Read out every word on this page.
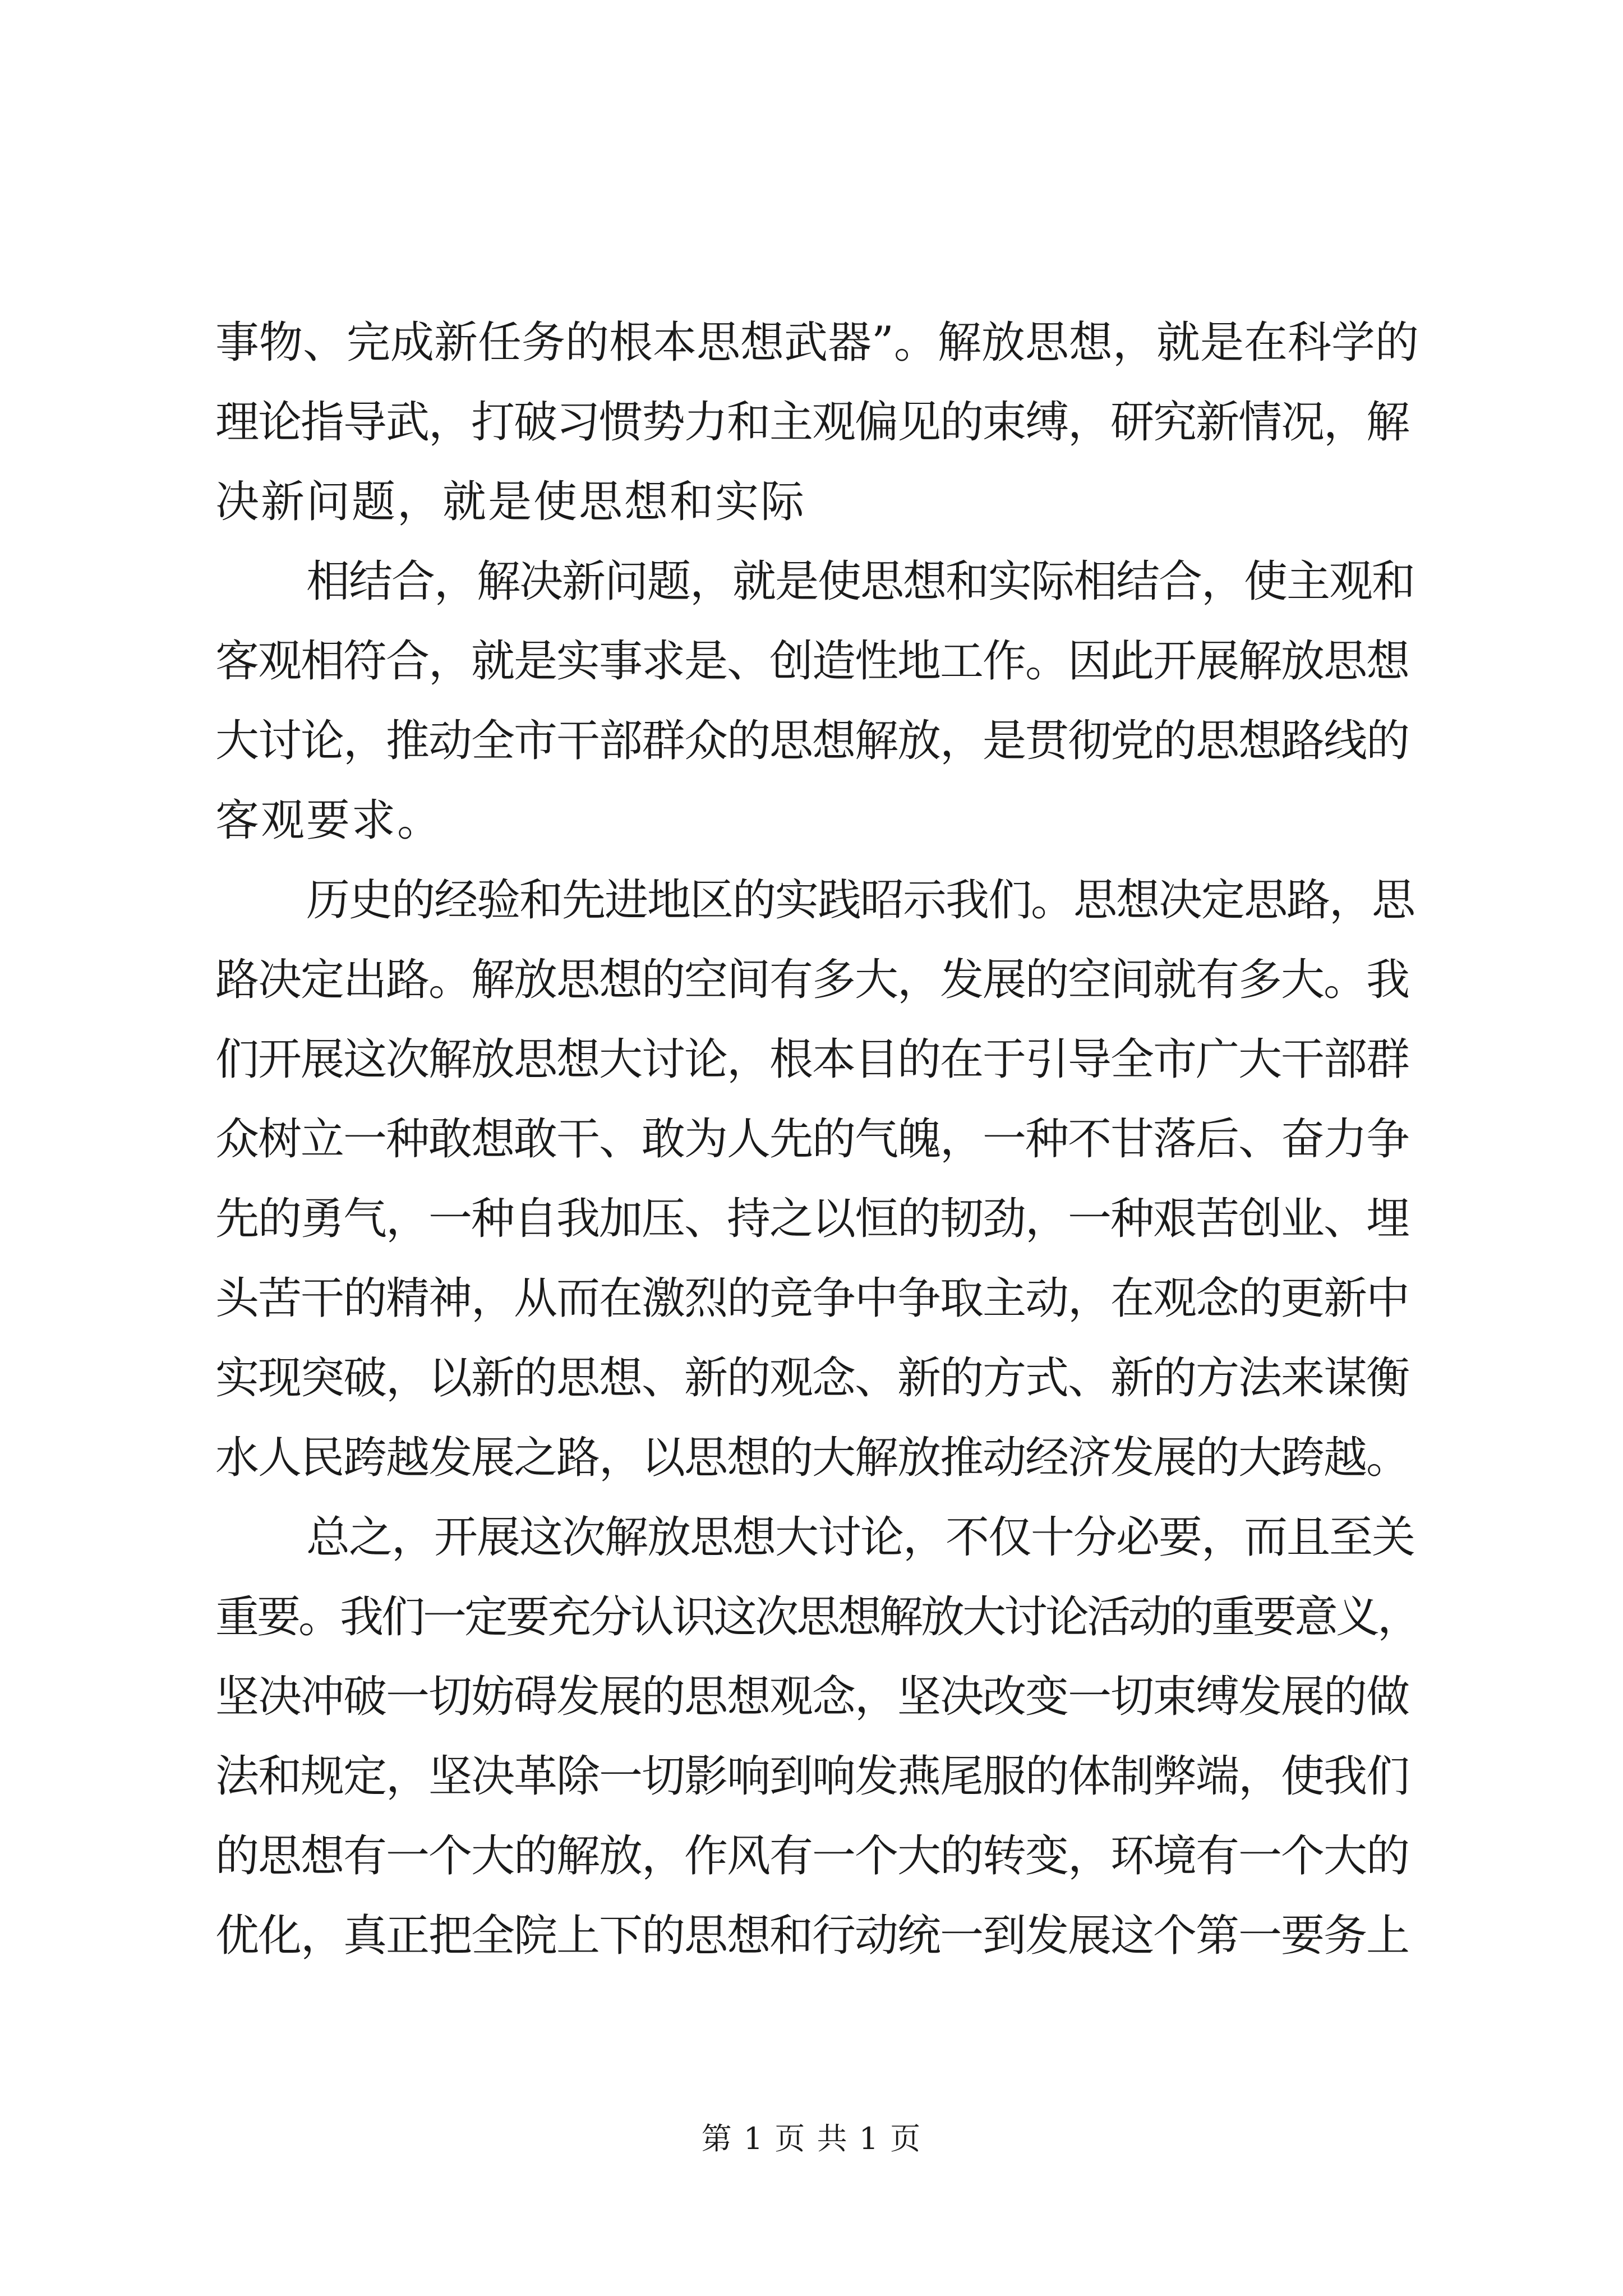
事物、完成新任务的根本思想武器”。解放思想，就是在科学的
理论指导武，打破习惯势力和主观偏见的束缚，研究新情况，解
决新问题，就是使思想和实际
相结合，解决新问题，就是使思想和实际相结合，使主观和
客观相符合，就是实事求是、创造性地工作。因此开展解放思想
大讨论，推动全市干部群众的思想解放，是贯彻党的思想路线的
客观要求。
历史的经验和先进地区的实践昭示我们。思想决定思路，思
路决定出路。解放思想的空间有多大，发展的空间就有多大。我
们开展这次解放思想大讨论，根本目的在于引导全市广大干部群
众树立一种敢想敢干、敢为人先的气魄，一种不甘落后、奋力争
先的勇气，一种自我加压、持之以恒的韧劲，一种艰苦创业、埋
头苦干的精神，从而在激烈的竞争中争取主动，在观念的更新中
实现突破，以新的思想、新的观念、新的方式、新的方法来谋衡
水人民跨越发展之路，以思想的大解放推动经济发展的大跨越。
总之，开展这次解放思想大讨论，不仅十分必要，而且至关
重要。我们一定要充分认识这次思想解放大讨论活动的重要意义，
坚决冲破一切妨碍发展的思想观念，坚决改变一切束缚发展的做
法和规定，坚决革除一切影响到响发燕尾服的体制弊端，使我们
的思想有一个大的解放，作风有一个大的转变，环境有一个大的
优化，真正把全院上下的思想和行动统一到发展这个第一要务上
第 1 页 共 1 页
